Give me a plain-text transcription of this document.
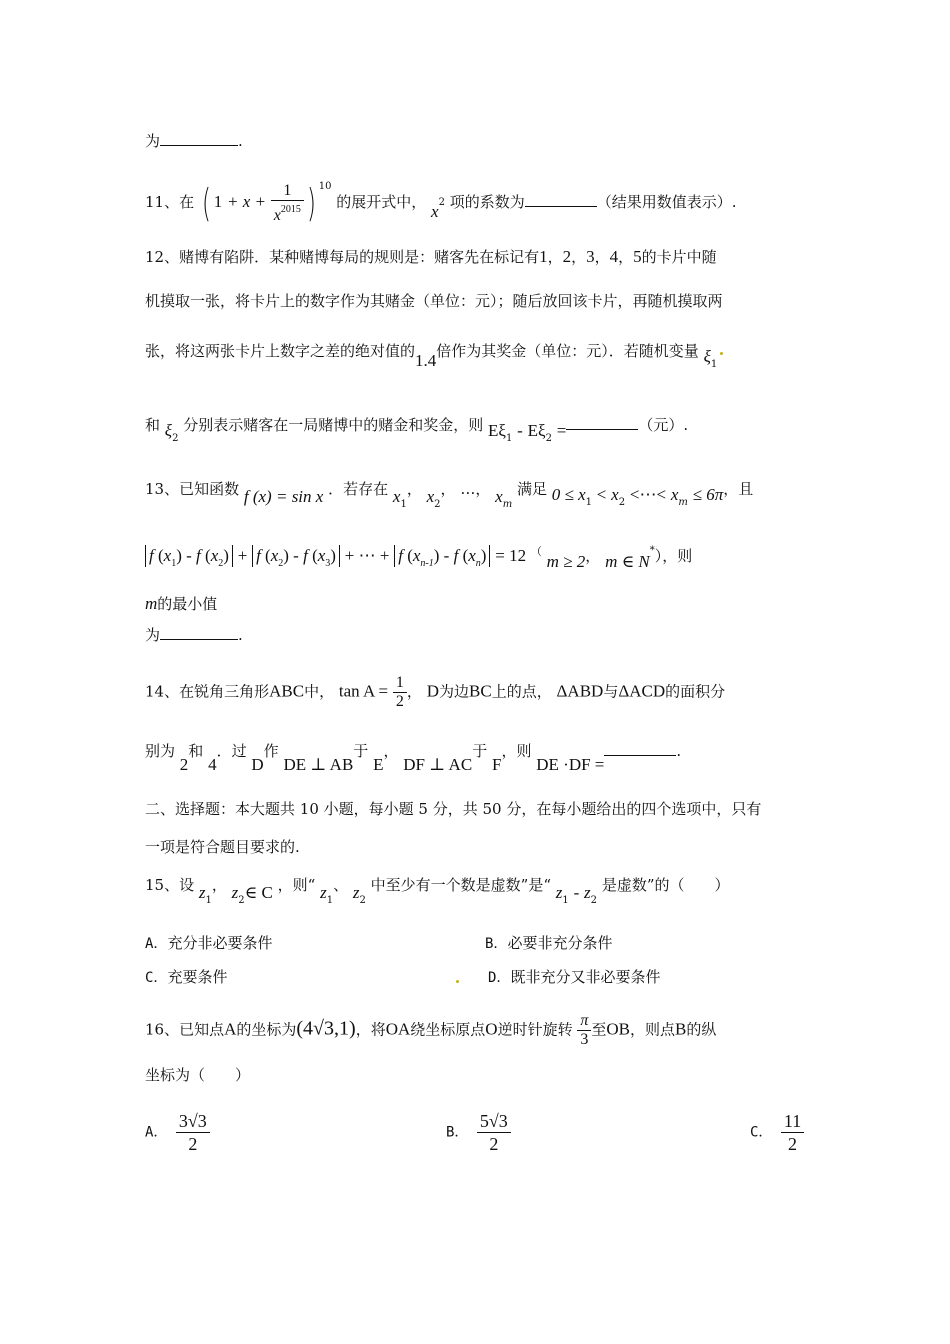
为	.
11、在 ( $1 + x + \frac{1}{x^{2015}}$ ) $^{10}$ 的展开式中， $x^2$ 项的系数为	（结果用数值表示）.
12、赌博有陷阱．某种赌博每局的规则是：赌客先在标记有1，2，3，4，5的卡片中随
机摸取一张，将卡片上的数字作为其赌金（单位：元）；随后放回该卡片，再随机摸取两
张，将这两张卡片上数字之差的绝对值的1.4倍作为其奖金（单位：元）．若随机变量 $\xi_1$
和 $\xi_2$ 分别表示赌客在一局赌博中的赌金和奖金，则 $E\xi_1 - E\xi_2$ =	（元）.
13、已知函数 f (x) = sin x ．若存在 $x_1$， $x_2$， …， $x_m$ 满足 $0 \le x_1 < x_2$ <⋯< $x_m \le 6\pi$，且
f $(x_1)$ - f $(x_2) + f$ $(x_2)$ - f $(x_3)$ + ⋯ + f $(x_{n-1})$ - f $(x_n) = 12$ （ m ≥ 2， m ∈ N*），则
m的最小值
为	.
14、在锐角三角形ABC中， $\tan A = \frac{1}{2}$ ， D为边BC上的点， ΔABD与ΔACD的面积分
别为 2和 4．过 D作 DE ⊥ AB于 E， DF ⊥ AC于 F，则 DE ·DF =.
二、选择题：本大题共 10 小题，每小题 5 分，共 50 分，在每小题给出的四个选项中，只有
一项是符合题目要求的.
15、设 $z_1$， $z_2\in$ C ，则“ $z_1$、 $z_2$ 中至少有一个数是虚数”是“ $z_1 - z_2$ 是虚数”的（　　）
A．充分非必要条件	B．必要非充分条件
C．充要条件	D．既非充分又非必要条件
16、已知点A的坐标为(4√3,1)，将OA绕坐标原点O逆时针旋转 $\frac{\pi}{3}$ 至OB，则点B的纵
坐标为（　　）
A． $\frac{3√3}{2}$	B． $\frac{5√3}{2}$	C． $\frac{11}{2}$
